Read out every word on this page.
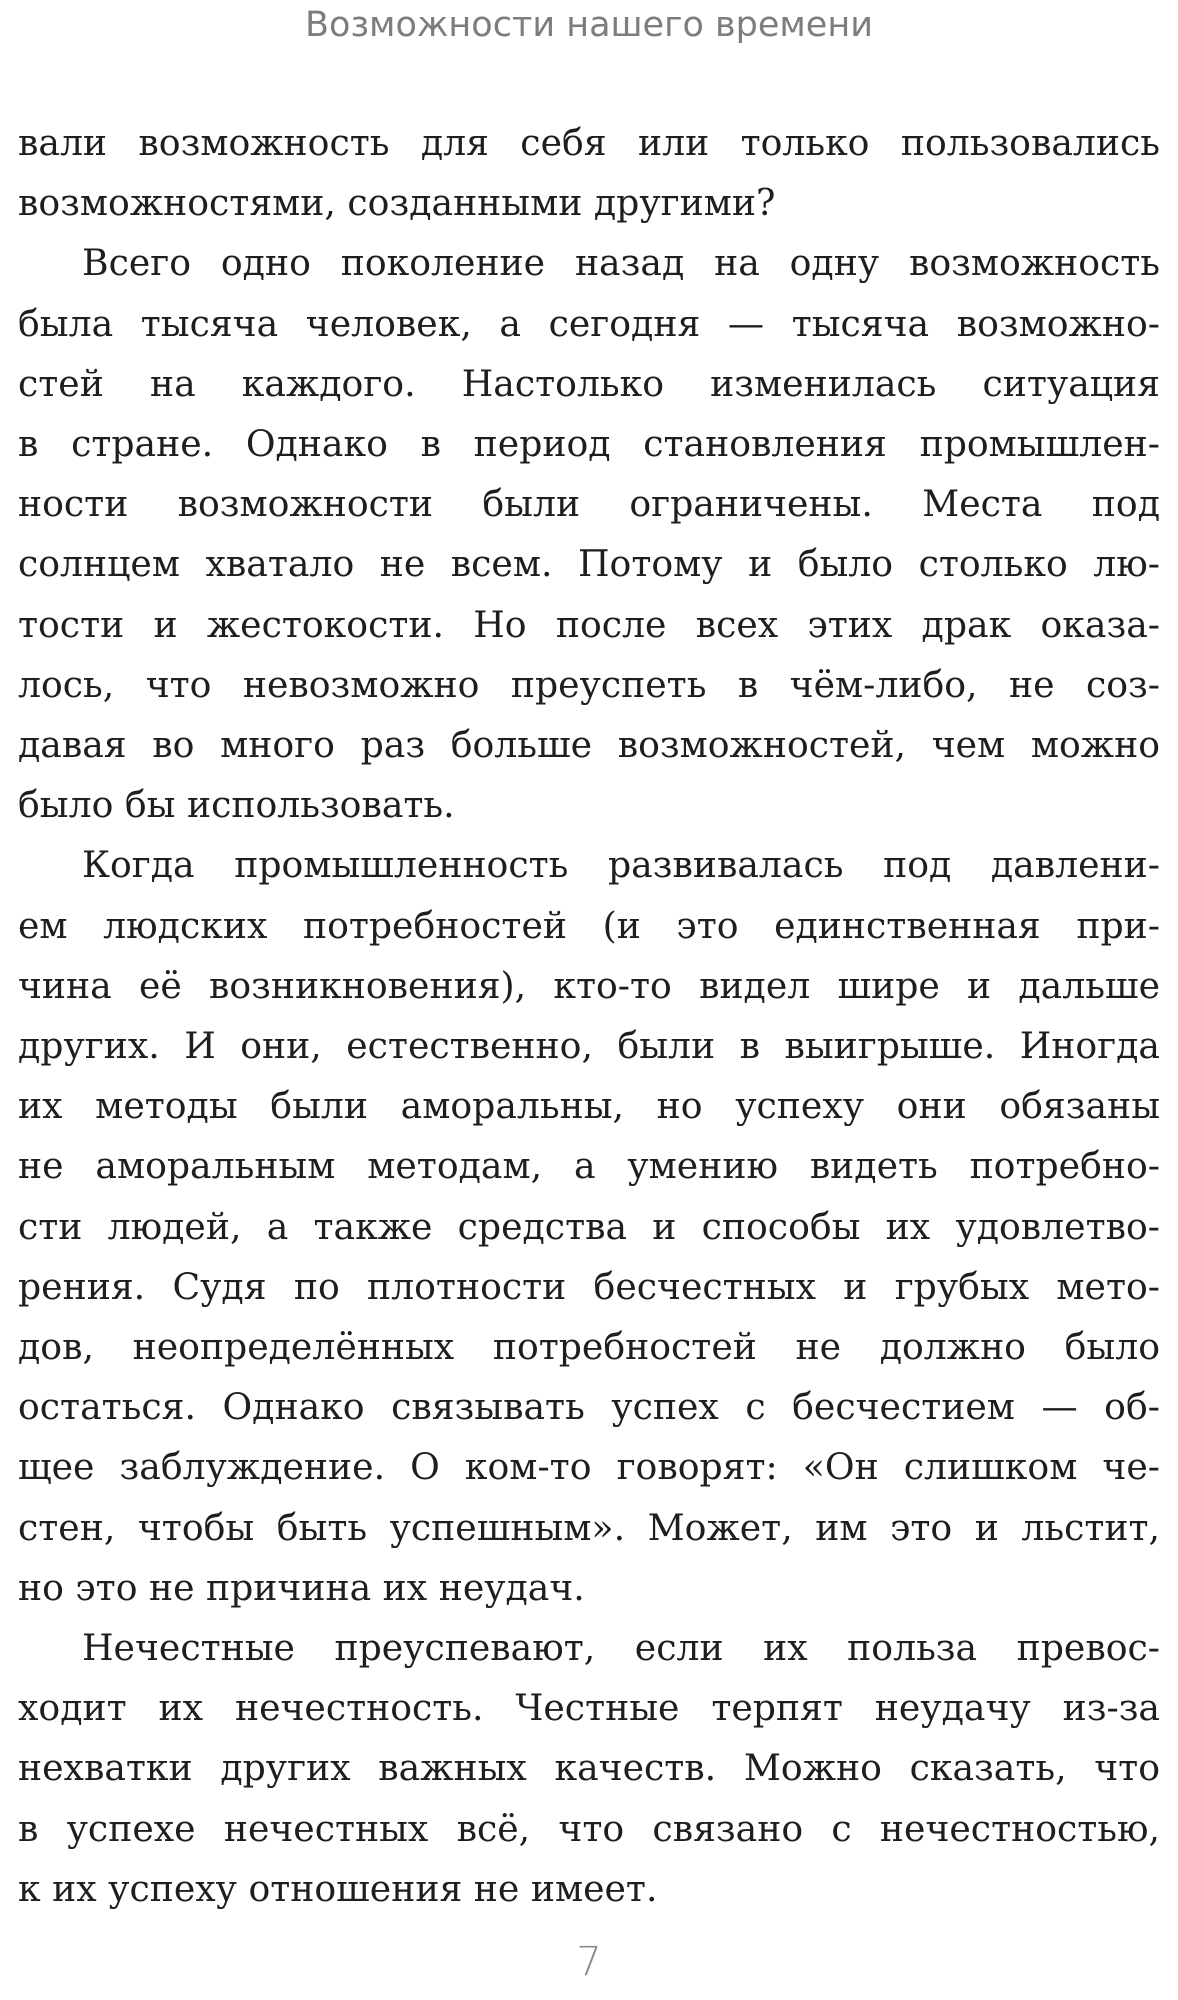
Возможности нашего времени

вали возможность для себя или только пользовались
возможностями, созданными другими?

Всего одно поколение назад на одну возможность
была тысяча человек, а сегодня — тысяча возможно-
стей на каждого. Настолько изменилась ситуация
в стране. Однако в период становления промышлен-
ности возможности были ограничены. Места под
солнцем хватало не всем. Потому и было столько лю-
тости и жестокости. Но после всех этих драк оказа-
лось, что невозможно преуспеть в чём-либо, не соз-
давая во много раз больше возможностей, чем можно
было бы использовать.

Когда промышленность развивалась под давлени-
ем людских потребностей (и это единственная при-
чина её возникновения), кто-то видел шире и дальше
других. И они, естественно, были в выигрыше. Иногда
их методы были аморальны, но успеху они обязаны
не аморальным методам, а умению видеть потребно-
сти людей, а также средства и способы их удовлетво-
рения. Судя по плотности бесчестных и грубых мето-
дов, неопределённых потребностей не должно было
остаться. Однако связывать успех с бесчестием — об-
щее заблуждение. О ком-то говорят: «Он слишком че-
стен, чтобы быть успешным». Может, им это и льстит,
но это не причина их неудач.

Нечестные преуспевают, если их польза превос-
ходит их нечестность. Честные терпят неудачу из-за
нехватки других важных качеств. Можно сказать, что
в успехе нечестных всё, что связано с нечестностью,
к их успеху отношения не имеет.

7
